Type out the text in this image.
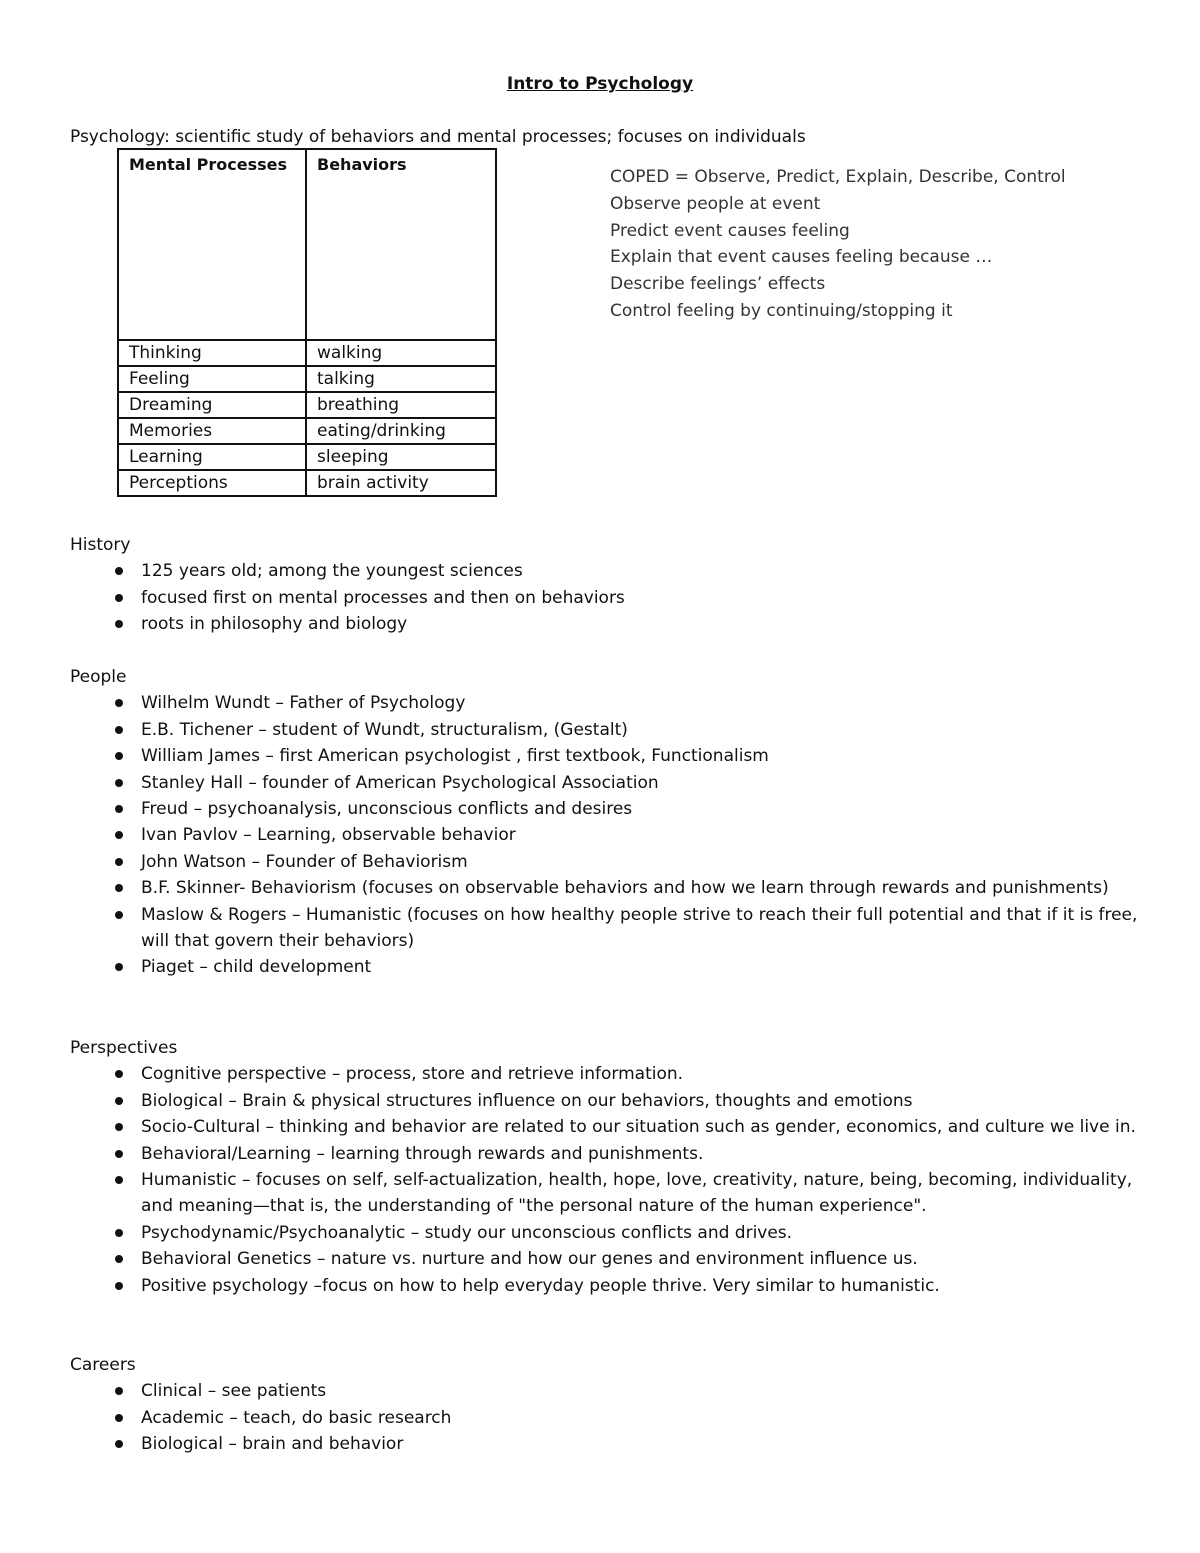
Intro to Psychology
Psychology: scientific study of behaviors and mental processes; focuses on individuals
Mental Processes	Behaviors
Thinking	walking
Feeling	talking
Dreaming	breathing
Memories	eating/drinking
Learning	sleeping
Perceptions	brain activity
COPED = Observe, Predict, Explain, Describe, Control
Observe people at event
Predict event causes feeling
Explain that event causes feeling because …
Describe feelings’ effects
Control feeling by continuing/stopping it
History
125 years old; among the youngest sciences
focused first on mental processes and then on behaviors
roots in philosophy and biology
People
Wilhelm Wundt – Father of Psychology
E.B. Tichener – student of Wundt, structuralism, (Gestalt)
William James – first American psychologist , first textbook, Functionalism
Stanley Hall – founder of American Psychological Association
Freud – psychoanalysis, unconscious conflicts and desires
Ivan Pavlov – Learning, observable behavior
John Watson – Founder of Behaviorism
B.F. Skinner- Behaviorism (focuses on observable behaviors and how we learn through rewards and punishments)
Maslow & Rogers – Humanistic (focuses on how healthy people strive to reach their full potential and that if it is free, will that govern their behaviors)
Piaget – child development
Perspectives
Cognitive perspective – process, store and retrieve information.
Biological – Brain & physical structures influence on our behaviors, thoughts and emotions
Socio-Cultural – thinking and behavior are related to our situation such as gender, economics, and culture we live in.
Behavioral/Learning – learning through rewards and punishments.
Humanistic – focuses on self, self-actualization, health, hope, love, creativity, nature, being, becoming, individuality, and meaning—that is, the understanding of "the personal nature of the human experience".
Psychodynamic/Psychoanalytic – study our unconscious conflicts and drives.
Behavioral Genetics – nature vs. nurture and how our genes and environment influence us.
Positive psychology –focus on how to help everyday people thrive. Very similar to humanistic.
Careers
Clinical – see patients
Academic – teach, do basic research
Biological – brain and behavior
